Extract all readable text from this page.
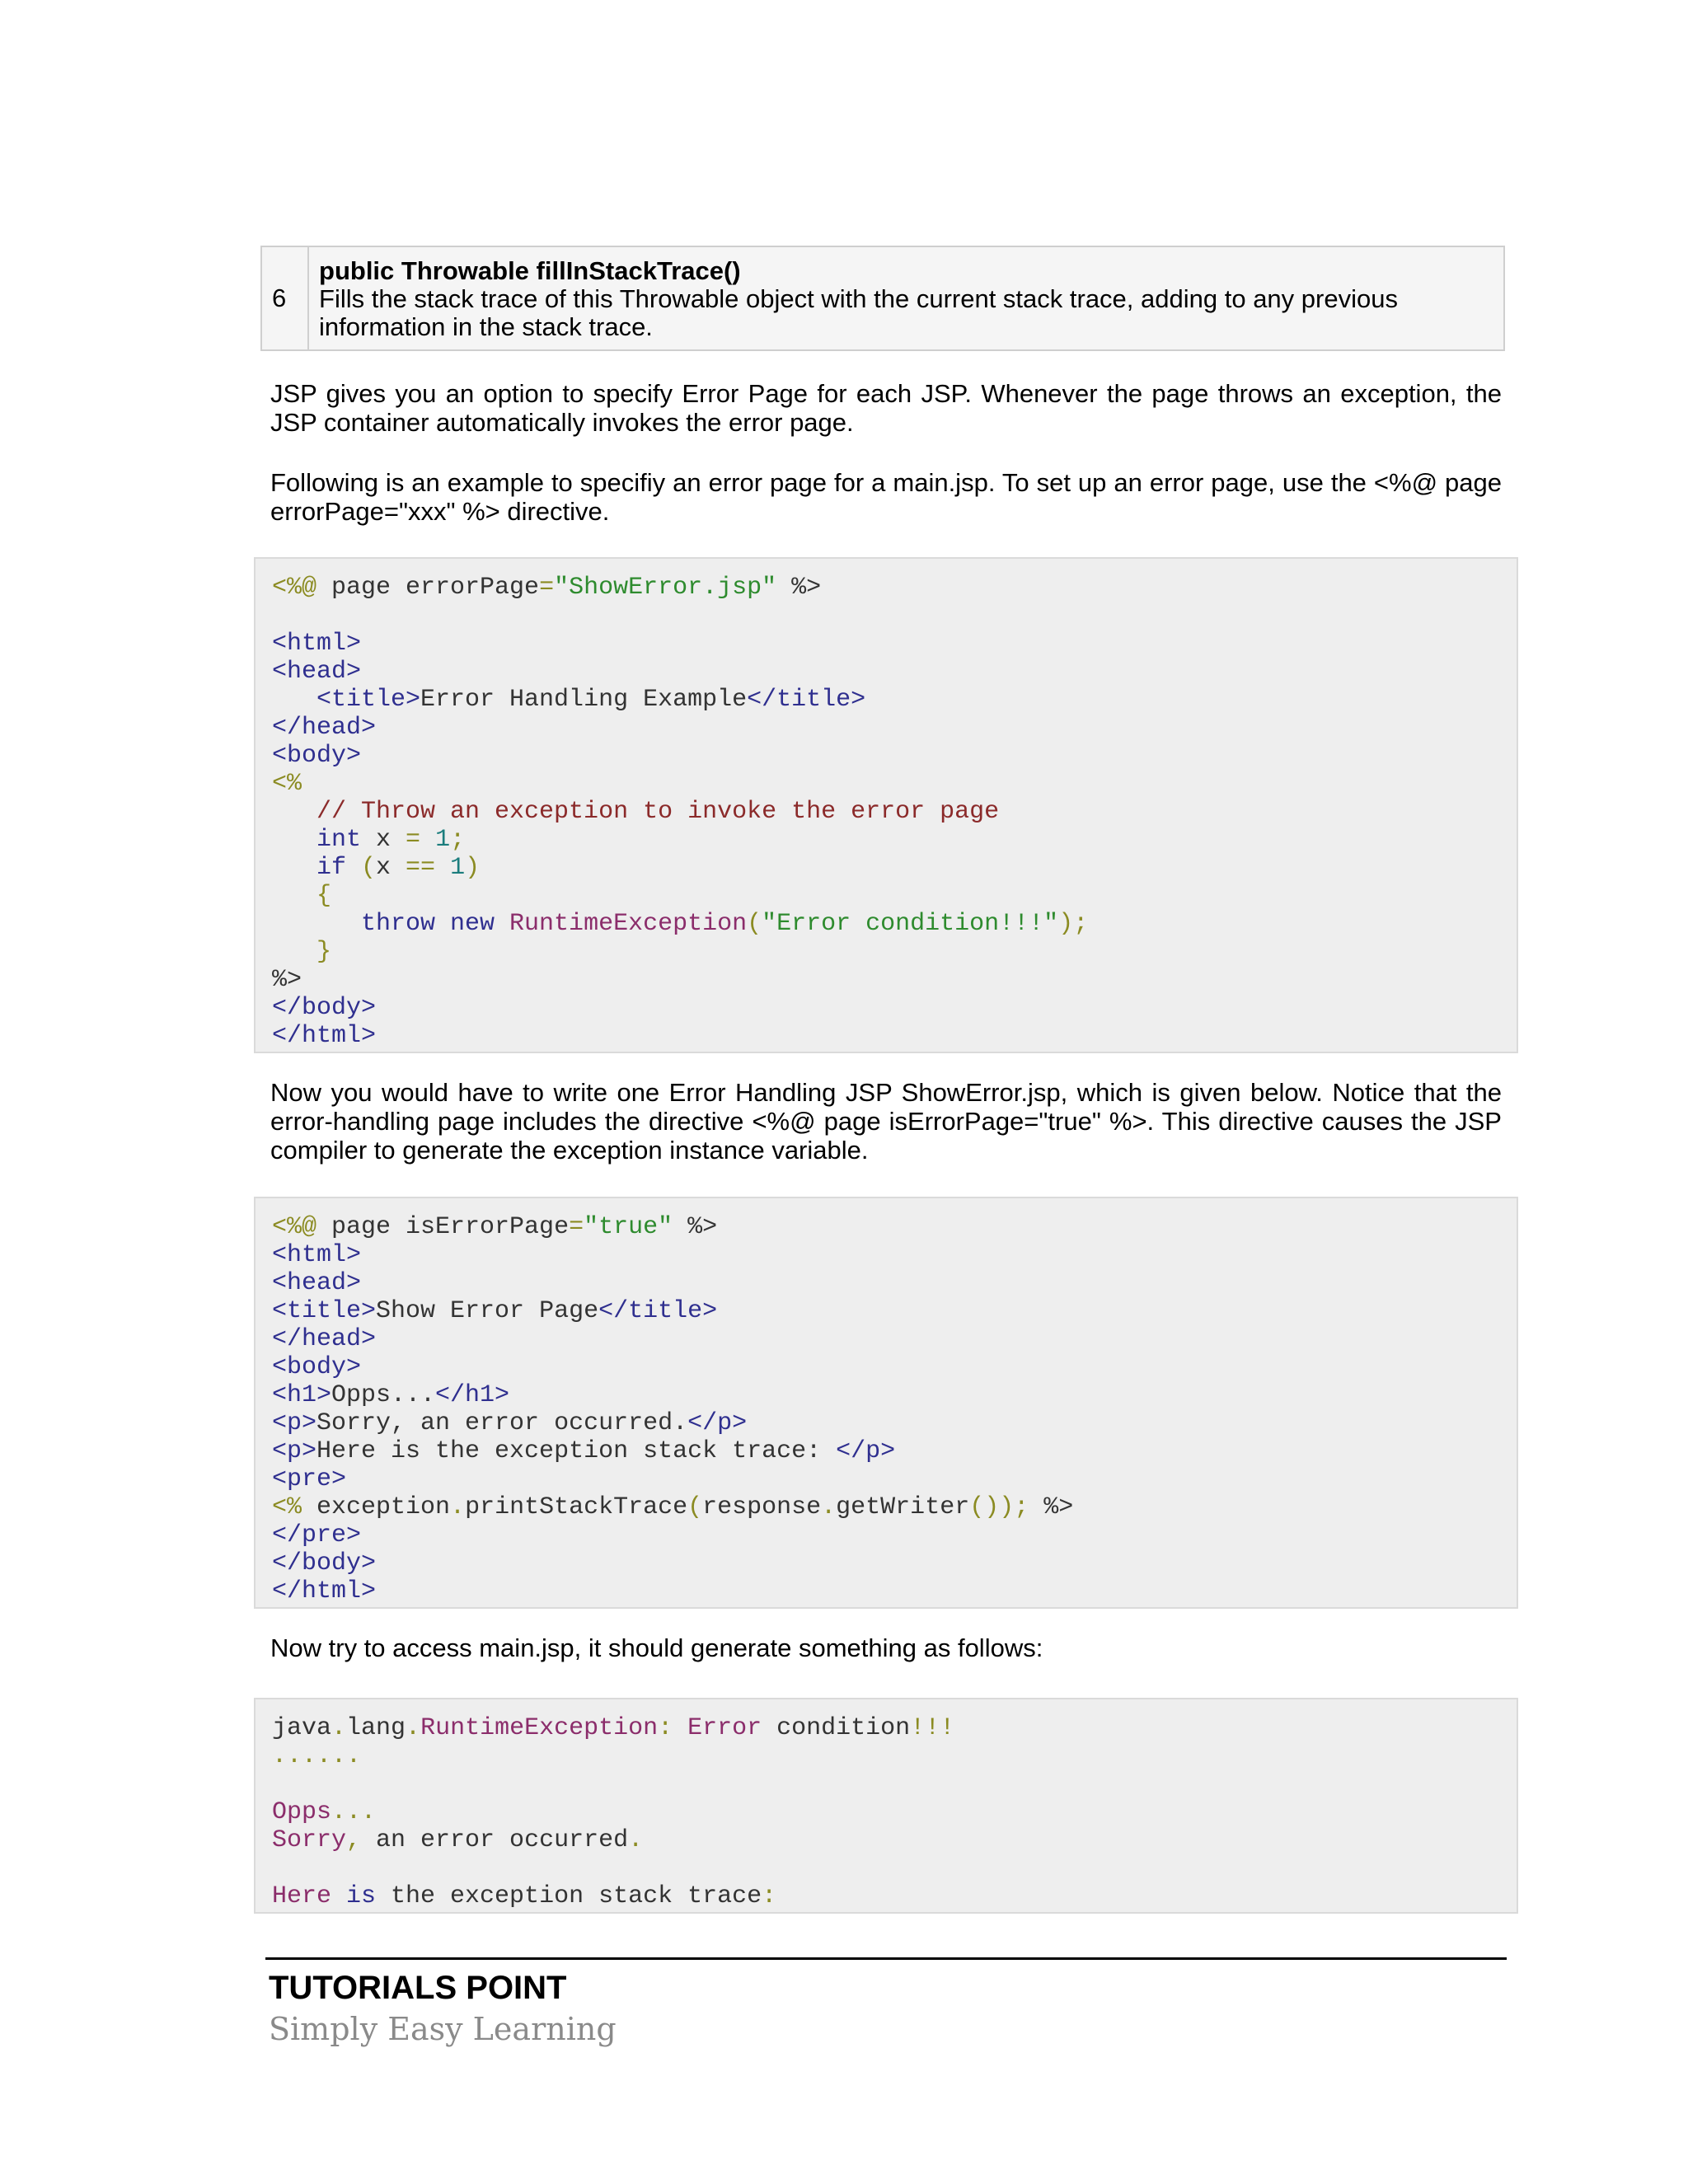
6
public Throwable fillInStackTrace()
Fills the stack trace of this Throwable object with the current stack trace, adding to any previous information in the stack trace.

JSP gives you an option to specify Error Page for each JSP. Whenever the page throws an exception, the JSP container automatically invokes the error page.

Following is an example to specifiy an error page for a main.jsp. To set up an error page, use the <%@ page errorPage="xxx" %> directive.

<%@ page errorPage="ShowError.jsp" %>
<html>
<head>
<title>Error Handling Example</title>
</head>
<body>
<%
// Throw an exception to invoke the error page
int x = 1;
if (x == 1)
{
throw new RuntimeException("Error condition!!!");
}
%>
</body>
</html>

Now you would have to write one Error Handling JSP ShowError.jsp, which is given below. Notice that the error-handling page includes the directive <%@ page isErrorPage="true" %>. This directive causes the JSP compiler to generate the exception instance variable.

<%@ page isErrorPage="true" %>
<html>
<head>
<title>Show Error Page</title>
</head>
<body>
<h1>Opps...</h1>
<p>Sorry, an error occurred.</p>
<p>Here is the exception stack trace: </p>
<pre>
<% exception.printStackTrace(response.getWriter()); %>
</pre>
</body>
</html>

Now try to access main.jsp, it should generate something as follows:

java.lang.RuntimeException: Error condition!!!
......
Opps...
Sorry, an error occurred.
Here is the exception stack trace:
TUTORIALS POINT
Simply Easy Learning
